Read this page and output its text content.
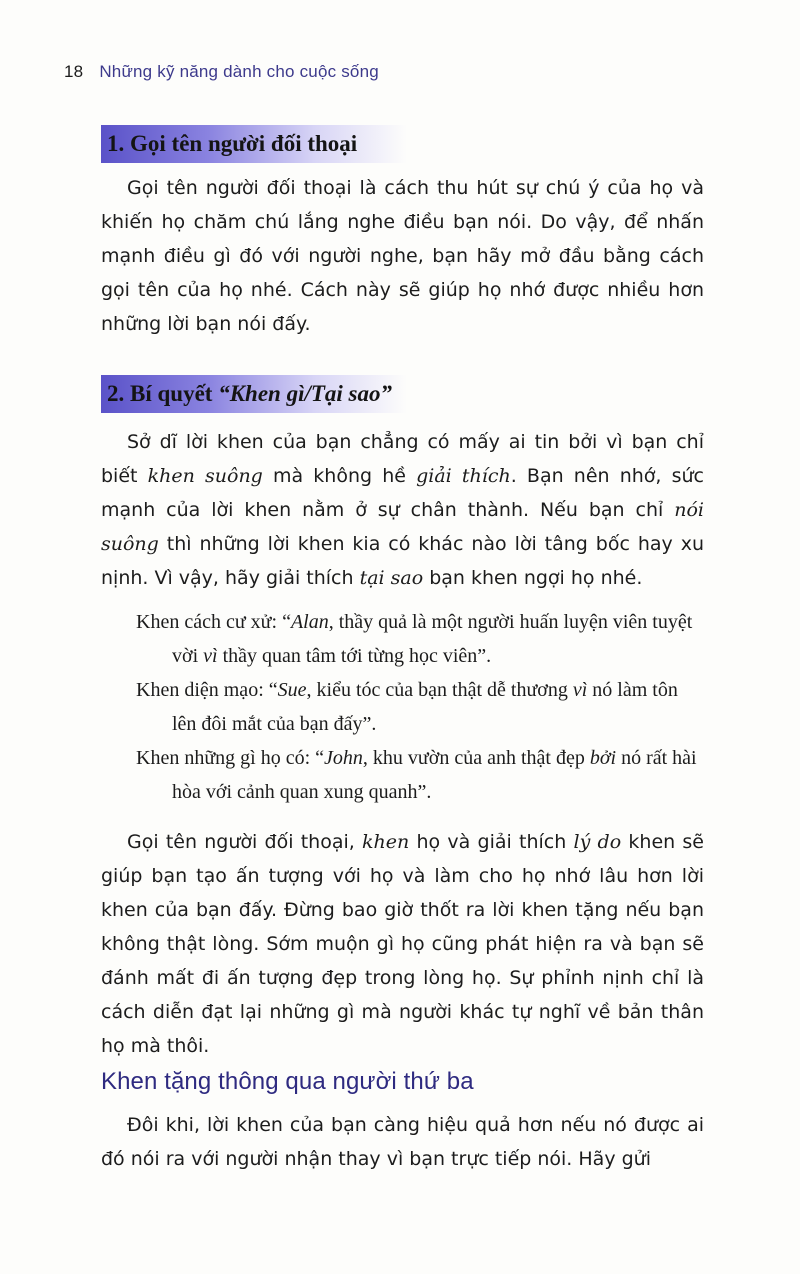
18 Những kỹ năng dành cho cuộc sống
1. Gọi tên người đối thoại

Gọi tên người đối thoại là cách thu hút sự chú ý của họ và khiến họ chăm chú lắng nghe điều bạn nói. Do vậy, để nhấn mạnh điều gì đó với người nghe, bạn hãy mở đầu bằng cách gọi tên của họ nhé. Cách này sẽ giúp họ nhớ được nhiều hơn những lời bạn nói đấy.

2. Bí quyết “Khen gì/Tại sao”

Sở dĩ lời khen của bạn chẳng có mấy ai tin bởi vì bạn chỉ biết khen suông mà không hề giải thích. Bạn nên nhớ, sức mạnh của lời khen nằm ở sự chân thành. Nếu bạn chỉ nói suông thì những lời khen kia có khác nào lời tâng bốc hay xu nịnh. Vì vậy, hãy giải thích tại sao bạn khen ngợi họ nhé.

Khen cách cư xử: “Alan, thầy quả là một người huấn luyện viên tuyệt vời vì thầy quan tâm tới từng học viên”.

Khen diện mạo: “Sue, kiểu tóc của bạn thật dễ thương vì nó làm tôn lên đôi mắt của bạn đấy”.

Khen những gì họ có: “John, khu vườn của anh thật đẹp bởi nó rất hài hòa với cảnh quan xung quanh”.

Gọi tên người đối thoại, khen họ và giải thích lý do khen sẽ giúp bạn tạo ấn tượng với họ và làm cho họ nhớ lâu hơn lời khen của bạn đấy. Đừng bao giờ thốt ra lời khen tặng nếu bạn không thật lòng. Sớm muộn gì họ cũng phát hiện ra và bạn sẽ đánh mất đi ấn tượng đẹp trong lòng họ. Sự phỉnh nịnh chỉ là cách diễn đạt lại những gì mà người khác tự nghĩ về bản thân họ mà thôi.

Khen tặng thông qua người thứ ba

Đôi khi, lời khen của bạn càng hiệu quả hơn nếu nó được ai đó nói ra với người nhận thay vì bạn trực tiếp nói. Hãy gửi
